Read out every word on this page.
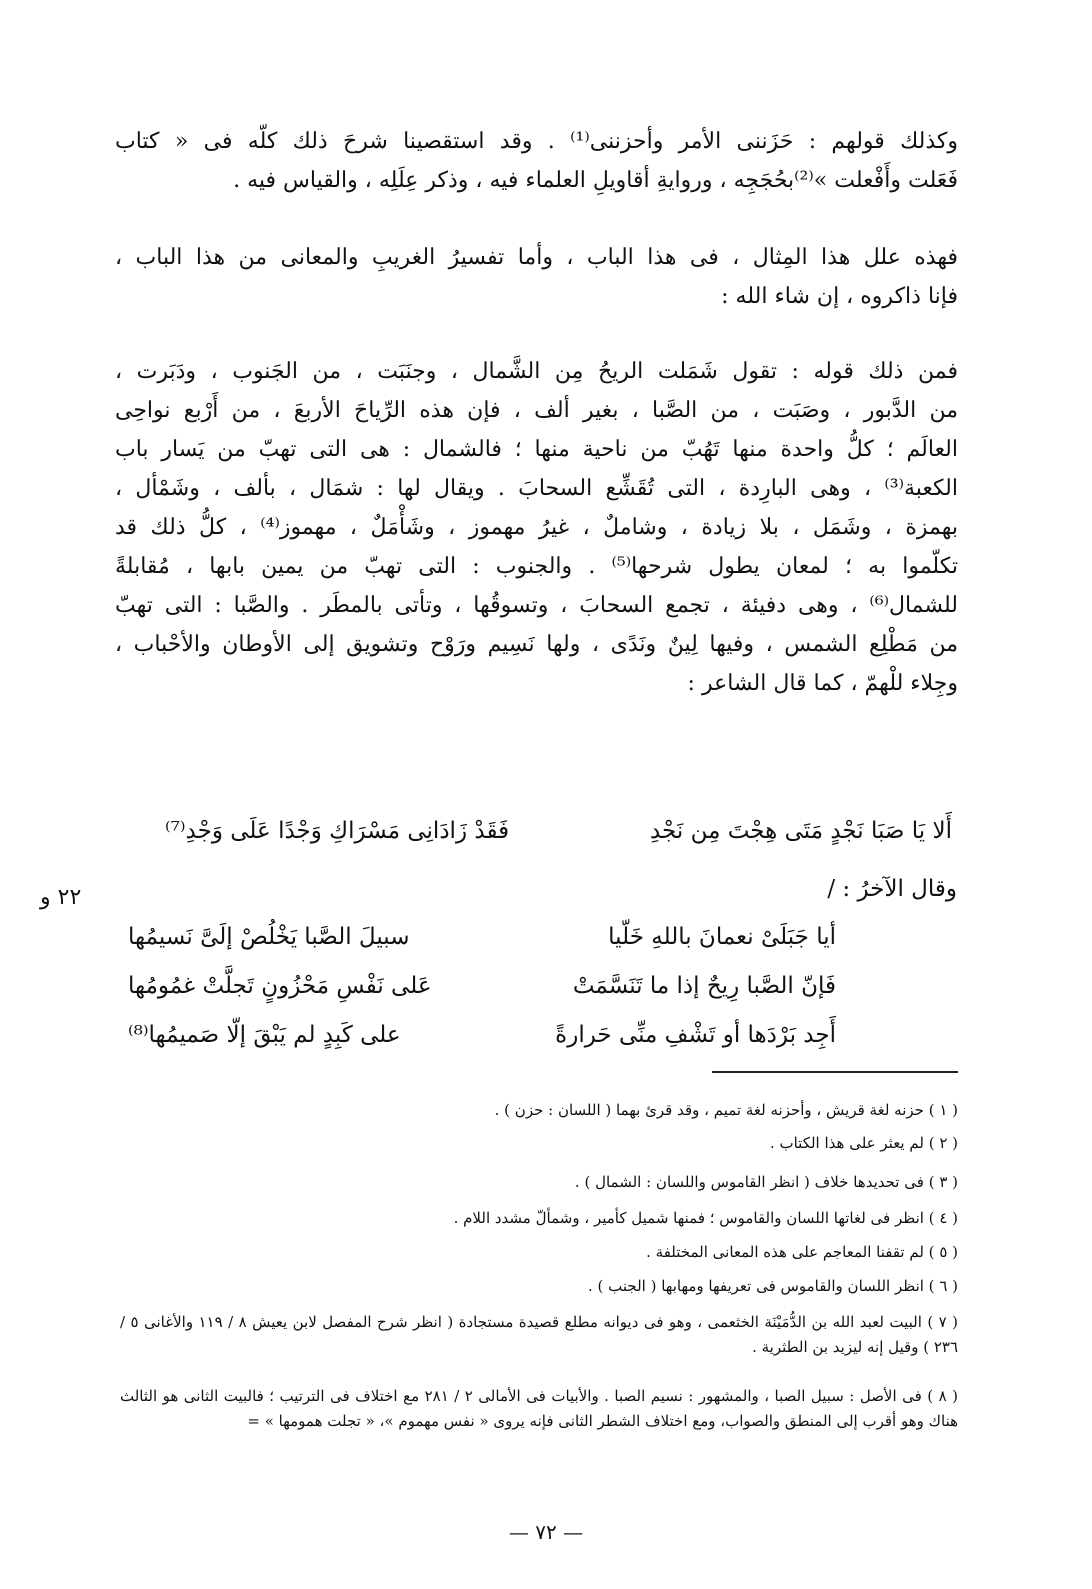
وكذلك قولهم : حَزَننى الأمر وأحزننى⁽¹⁾ . وقد استقصينا شرحَ ذلك كلّه فى « كتاب
فَعَلت وأَفْعلت »⁽²⁾بحُجَجِه ، وروايةِ أقاويلِ العلماء فيه ، وذكر عِلَلِه ، والقياس فيه .
فهذه علل هذا المِثال ، فى هذا الباب ، وأما تفسيرُ الغريبِ والمعانى من هذا الباب ،
فإنا ذاكروه ، إن شاء الله :
فمن ذلك قوله : تقول شَمَلت الريحُ مِن الشَّمال ، وجنَبَت ، من الجَنوب ، ودَبَرت ،
من الدَّبور ، وصَبَت ، من الصَّبا ، بغير ألف ، فإن هذه الرِّياحَ الأربعَ ، من أَرْبع نواحِى
العالَم ؛ كلُّ واحدة منها تَهُبّ من ناحية منها ؛ فالشمال : هى التى تهبّ من يَسار باب
الكعبة⁽³⁾ ، وهى البارِدة ، التى تُقَشِّع السحابَ . ويقال لها : شمَال ، بألف ، وشَمْأل ،
بهمزة ، وشَمَل ، بلا زيادة ، وشاملٌ ، غيرُ مهموز ، وشَأْمَلٌ ، مهموز⁽⁴⁾ ، كلُّ ذلك قد
تكلّموا به ؛ لمعان يطول شرحها⁽⁵⁾ . والجنوب : التى تهبّ من يمين بابها ، مُقابلةً
للشمال⁽⁶⁾ ، وهى دفيئة ، تجمع السحابَ ، وتسوقُها ، وتأتى بالمطَر . والصَّبا : التى تهبّ
من مَطْلِع الشمس ، وفيها لِينٌ ونَدًى ، ولها نَسِيم ورَوْح وتشويق إلى الأوطان والأحْباب ،
وجِلاء للْهمّ ، كما قال الشاعر :
أَلا يَا صَبَا نَجْدٍ مَتَى هِجْتَ مِن نَجْدِ
فَقَدْ زَادَانِى مَسْرَاكِ وَجْدًا عَلَى وَجْدِ⁽⁷⁾
وقال الآخرُ : /
٢٢ و
أيا جَبَلَىْ نعمانَ باللهِ خَلّيا
سبيلَ الصَّبا يَخْلُصْ إلَىَّ نَسيمُها
فَإنّ الصَّبا رِيحٌ إذا ما تَنَسَّمَتْ
عَلى نَفْسِ مَحْزُونٍ تَجلَّتْ غمُومُها
أَجِد بَرْدَها أو تَشْفِ منِّى حَرارةً
على كَبِدٍ لم يَبْقَ إلّا صَميمُها⁽⁸⁾
( ١ ) حزنه لغة قريش ، وأحزنه لغة تميم ، وقد قرئ بهما ( اللسان : حزن ) .
( ٢ ) لم يعثر على هذا الكتاب .
( ٣ ) فى تحديدها خلاف ( انظر القاموس واللسان : الشمال ) .
( ٤ ) انظر فى لغاتها اللسان والقاموس ؛ فمنها شميل كأمير ، وشمألّ مشدد اللام .
( ٥ ) لم تقفنا المعاجم على هذه المعانى المختلفة .
( ٦ ) انظر اللسان والقاموس فى تعريفها ومهابها ( الجنب ) .
( ٧ ) البيت لعبد الله بن الدُّمَيْنَة الخثعمى ، وهو فى ديوانه مطلع قصيدة مستجادة ( انظر شرح المفصل لابن يعيش ٨ / ١١٩ والأغانى ٥ / ٢٣٦ ) وقيل إنه ليزيد بن الطثرية .
( ٨ ) فى الأصل : سبيل الصبا ، والمشهور : نسيم الصبا . والأبيات فى الأمالى ٢ / ٢٨١ مع اختلاف فى الترتيب ؛ فالبيت الثانى هو الثالث هناك وهو أقرب إلى المنطق والصواب، ومع اختلاف الشطر الثانى فإنه يروى « نفس مهموم »، « تجلت همومها » =
— ٧٢ —
